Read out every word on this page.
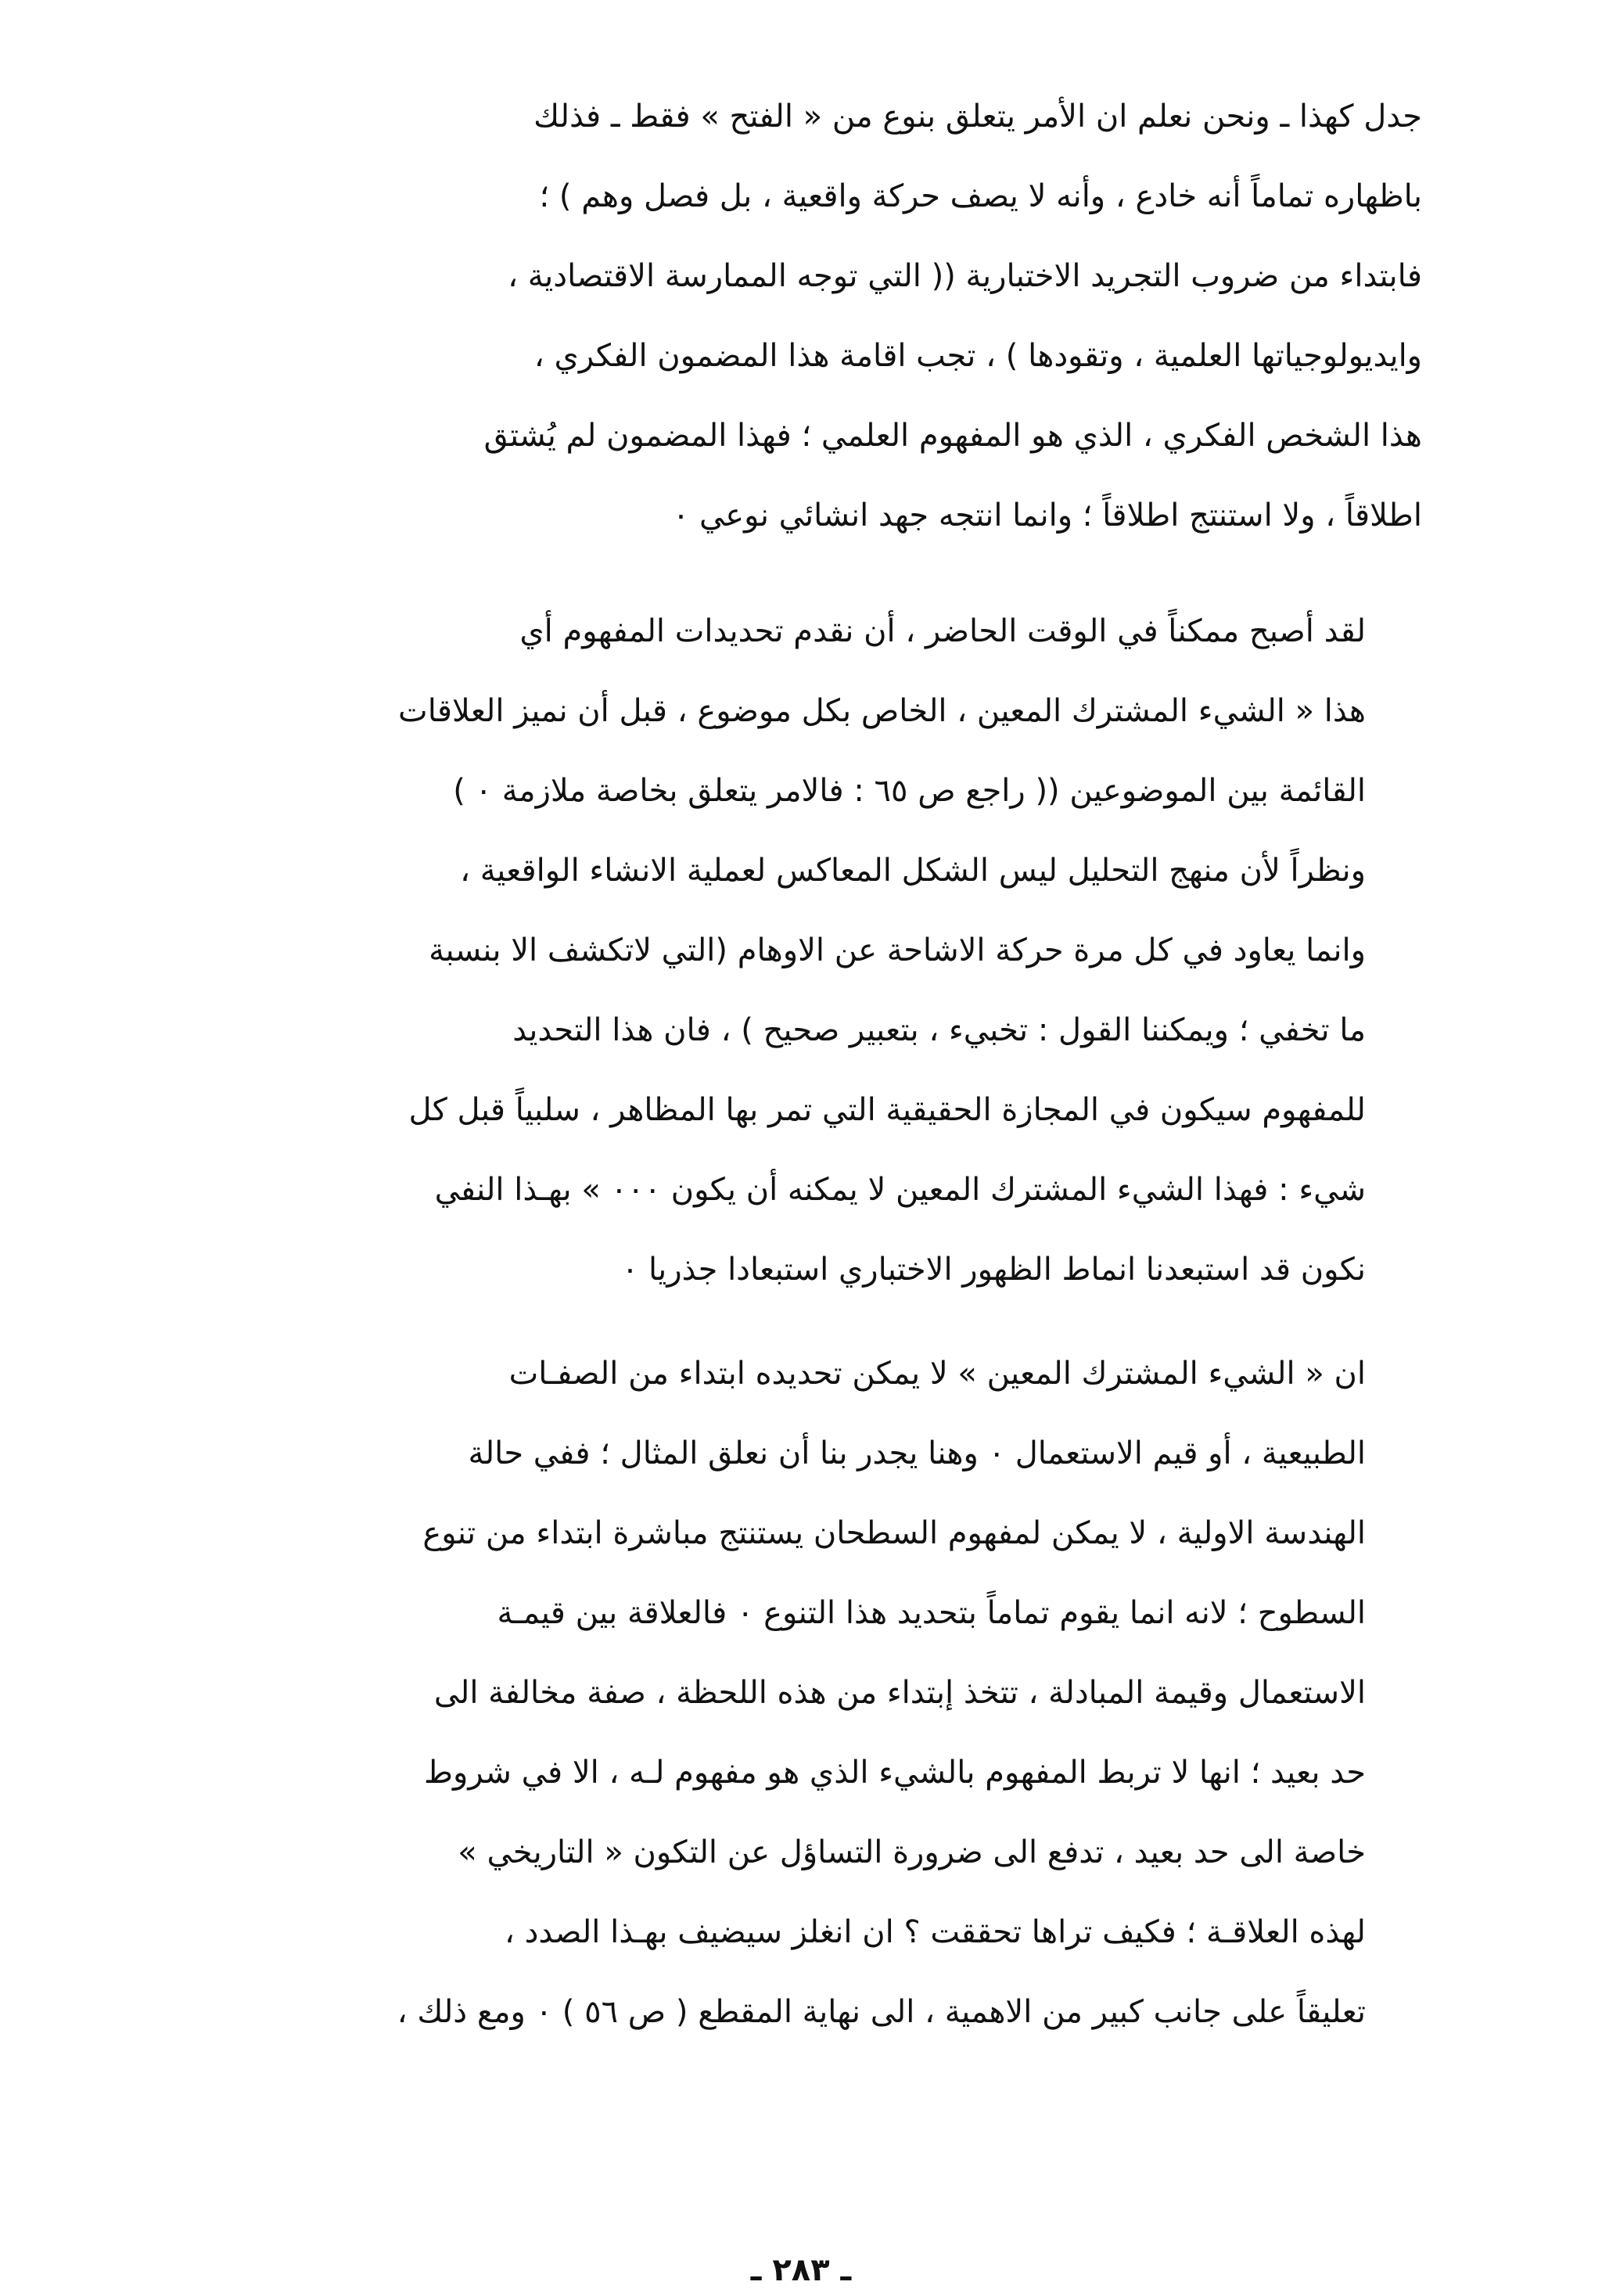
جدل كهذا ـ ونحن نعلم ان الأمر يتعلق بنوع من « الفتح » فقط ـ فذلك
باظهاره تماماً أنه خادع ، وأنه لا يصف حركة واقعية ، بل فصل وهم ) ؛
فابتداء من ضروب التجريد الاختبارية (( التي توجه الممارسة الاقتصادية ،
وايديولوجياتها العلمية ، وتقودها ) ، تجب اقامة هذا المضمون الفكري ،
هذا الشخص الفكري ، الذي هو المفهوم العلمي ؛ فهذا المضمون لم يُشتق
اطلاقاً ، ولا استنتج اطلاقاً ؛ وانما انتجه جهد انشائي نوعي ٠
لقد أصبح ممكناً في الوقت الحاضر ، أن نقدم تحديدات المفهوم أي
هذا « الشيء المشترك المعين ، الخاص بكل موضوع ، قبل أن نميز العلاقات
القائمة بين الموضوعين (( راجع ص ٦٥ : فالامر يتعلق بخاصة ملازمة ٠ )
ونظراً لأن منهج التحليل ليس الشكل المعاكس لعملية الانشاء الواقعية ،
وانما يعاود في كل مرة حركة الاشاحة عن الاوهام (التي لاتكشف الا بنسبة
ما تخفي ؛ ويمكننا القول : تخبيء ، بتعبير صحيح ) ، فان هذا التحديد
للمفهوم سيكون في المجازة الحقيقية التي تمر بها المظاهر ، سلبياً قبل كل
شيء : فهذا الشيء المشترك المعين لا يمكنه أن يكون ٠٠٠ » بهـذا النفي
نكون قد استبعدنا انماط الظهور الاختباري استبعادا جذريا ٠
ان « الشيء المشترك المعين » لا يمكن تحديده ابتداء من الصفـات
الطبيعية ، أو قيم الاستعمال ٠ وهنا يجدر بنا أن نعلق المثال ؛ ففي حالة
الهندسة الاولية ، لا يمكن لمفهوم السطحان يستنتج مباشرة ابتداء من تنوع
السطوح ؛ لانه انما يقوم تماماً بتحديد هذا التنوع ٠ فالعلاقة بين قيمـة
الاستعمال وقيمة المبادلة ، تتخذ إبتداء من هذه اللحظة ، صفة مخالفة الى
حد بعيد ؛ انها لا تربط المفهوم بالشيء الذي هو مفهوم لـه ، الا في شروط
خاصة الى حد بعيد ، تدفع الى ضرورة التساؤل عن التكون « التاريخي »
لهذه العلاقـة ؛ فكيف تراها تحققت ؟ ان انغلز سيضيف بهـذا الصدد ،
تعليقاً على جانب كبير من الاهمية ، الى نهاية المقطع ( ص ٥٦ ) ٠ ومع ذلك ،
ـ ٢٨٣ ـ
